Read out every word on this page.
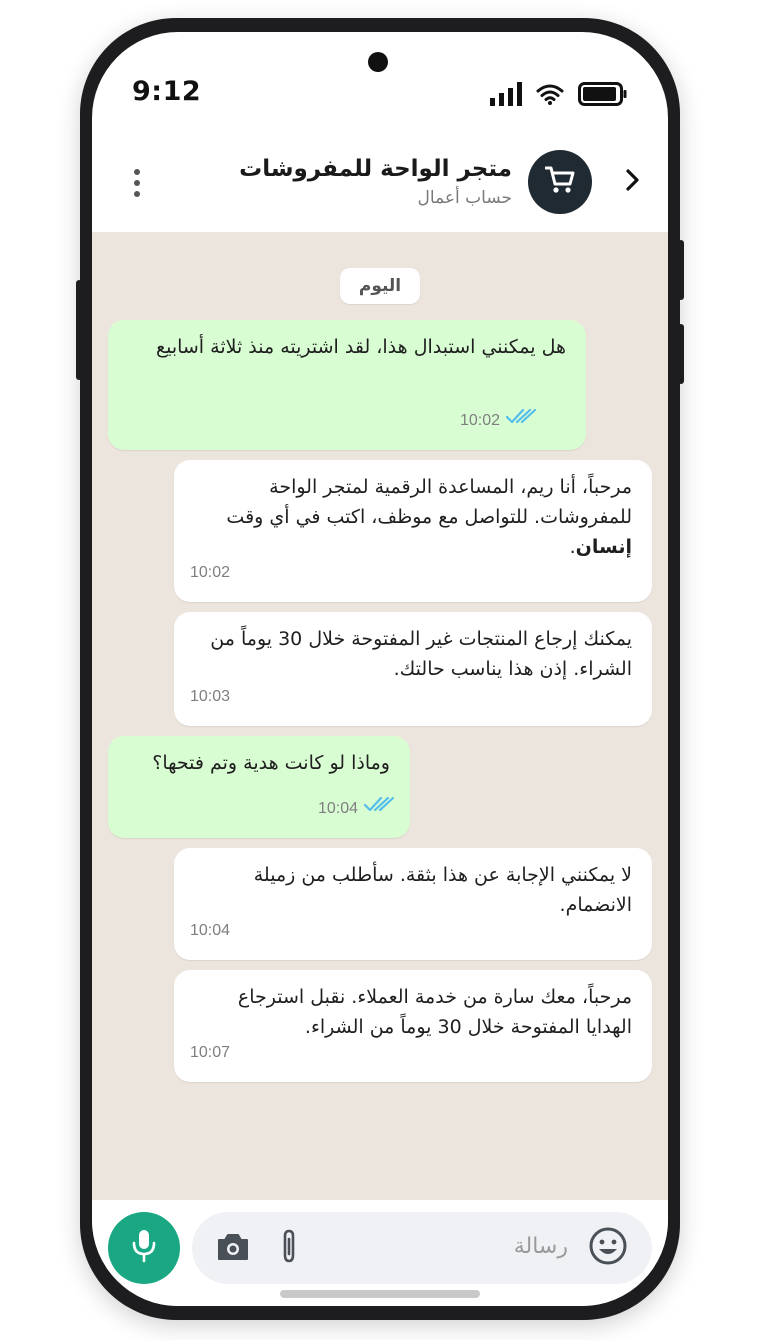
9:12
متجر الواحة للمفروشات
حساب أعمال
اليوم
هل يمكنني استبدال هذا، لقد اشتريته منذ ثلاثة أسابيع
10:02
مرحباً، أنا ريم، المساعدة الرقمية لمتجر الواحة للمفروشات. للتواصل مع موظف، اكتب في أي وقت إنسان.
10:02
يمكنك إرجاع المنتجات غير المفتوحة خلال 30 يوماً من الشراء. إذن هذا يناسب حالتك.
10:03
وماذا لو كانت هدية وتم فتحها؟
10:04
لا يمكنني الإجابة عن هذا بثقة. سأطلب من زميلة الانضمام.
10:04
مرحباً، معك سارة من خدمة العملاء. نقبل استرجاع الهدايا المفتوحة خلال 30 يوماً من الشراء.
10:07
رسالة
